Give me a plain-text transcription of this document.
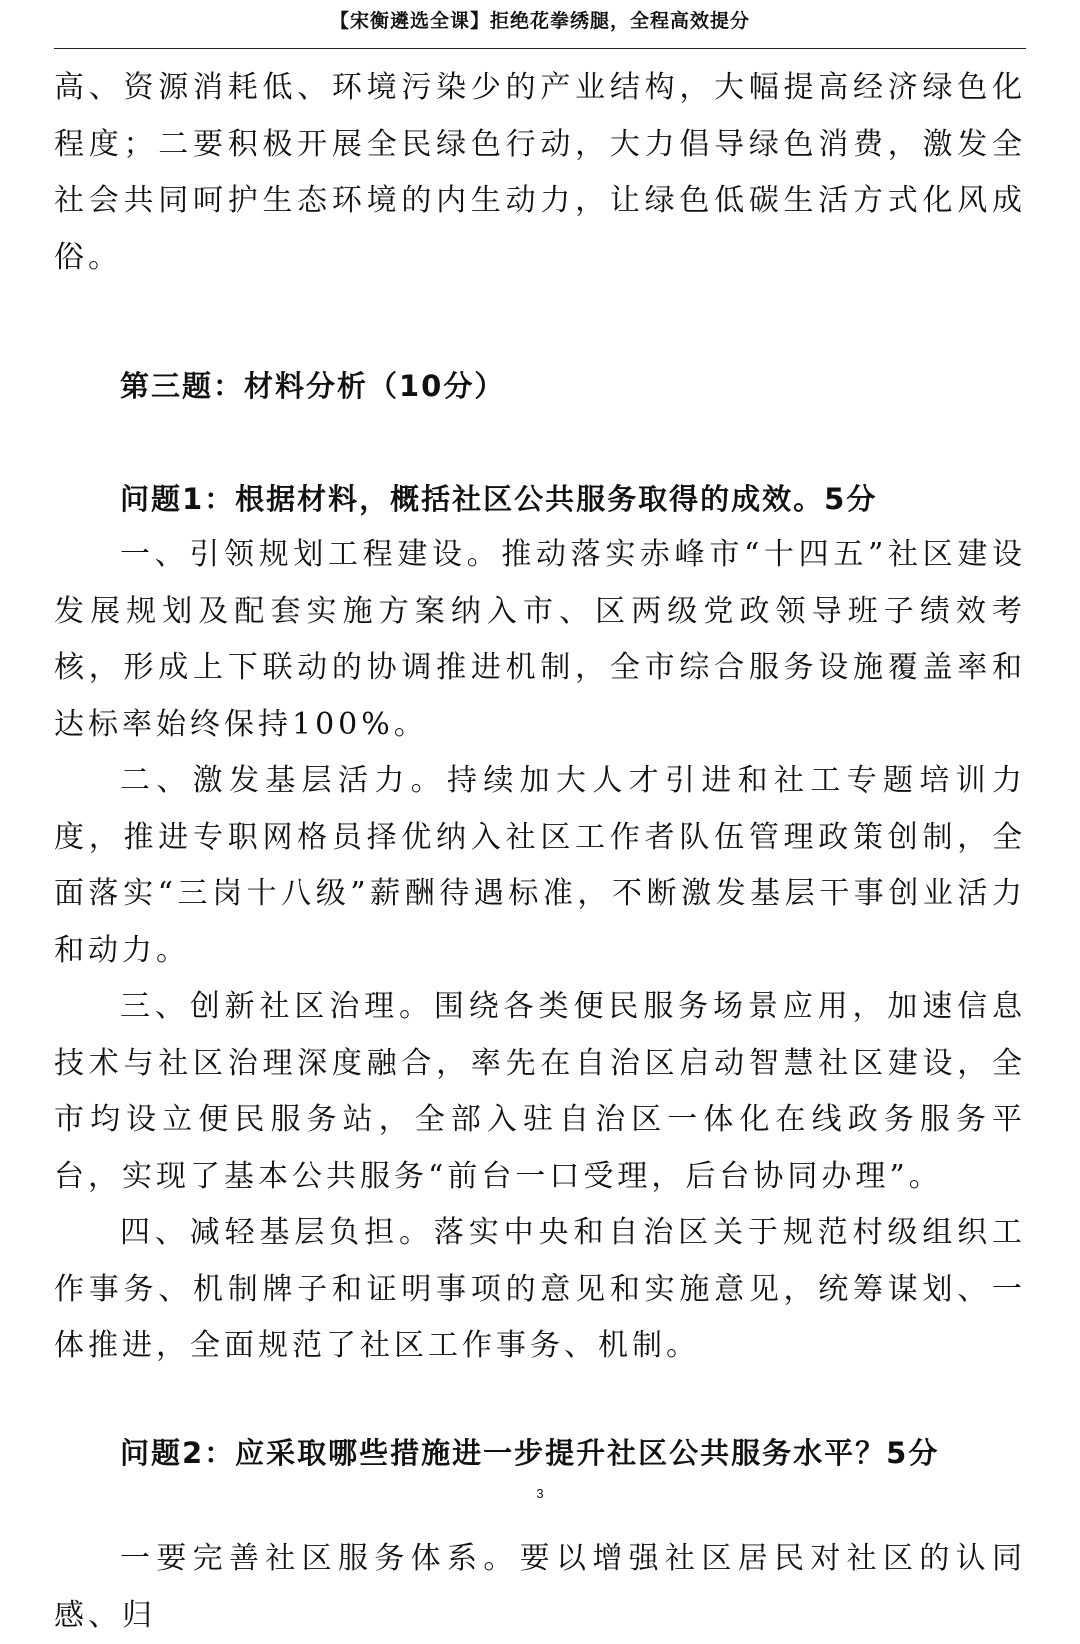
【宋衡遴选全课】拒绝花拳绣腿，全程高效提分

高、资源消耗低、环境污染少的产业结构，大幅提高经济绿色化程度；二要积极开展全民绿色行动，大力倡导绿色消费，激发全社会共同呵护生态环境的内生动力，让绿色低碳生活方式化风成俗。

第三题：材料分析（10分）

问题1：根据材料，概括社区公共服务取得的成效。5分

一、引领规划工程建设。推动落实赤峰市“十四五”社区建设发展规划及配套实施方案纳入市、区两级党政领导班子绩效考核，形成上下联动的协调推进机制，全市综合服务设施覆盖率和达标率始终保持100%。

二、激发基层活力。持续加大人才引进和社工专题培训力度，推进专职网格员择优纳入社区工作者队伍管理政策创制，全面落实“三岗十八级”薪酬待遇标准，不断激发基层干事创业活力和动力。

三、创新社区治理。围绕各类便民服务场景应用，加速信息技术与社区治理深度融合，率先在自治区启动智慧社区建设，全市均设立便民服务站，全部入驻自治区一体化在线政务服务平台，实现了基本公共服务“前台一口受理，后台协同办理”。

四、减轻基层负担。落实中央和自治区关于规范村级组织工作事务、机制牌子和证明事项的意见和实施意见，统筹谋划、一体推进，全面规范了社区工作事务、机制。

问题2：应采取哪些措施进一步提升社区公共服务水平？5分

一要完善社区服务体系。要以增强社区居民对社区的认同感、归

3
